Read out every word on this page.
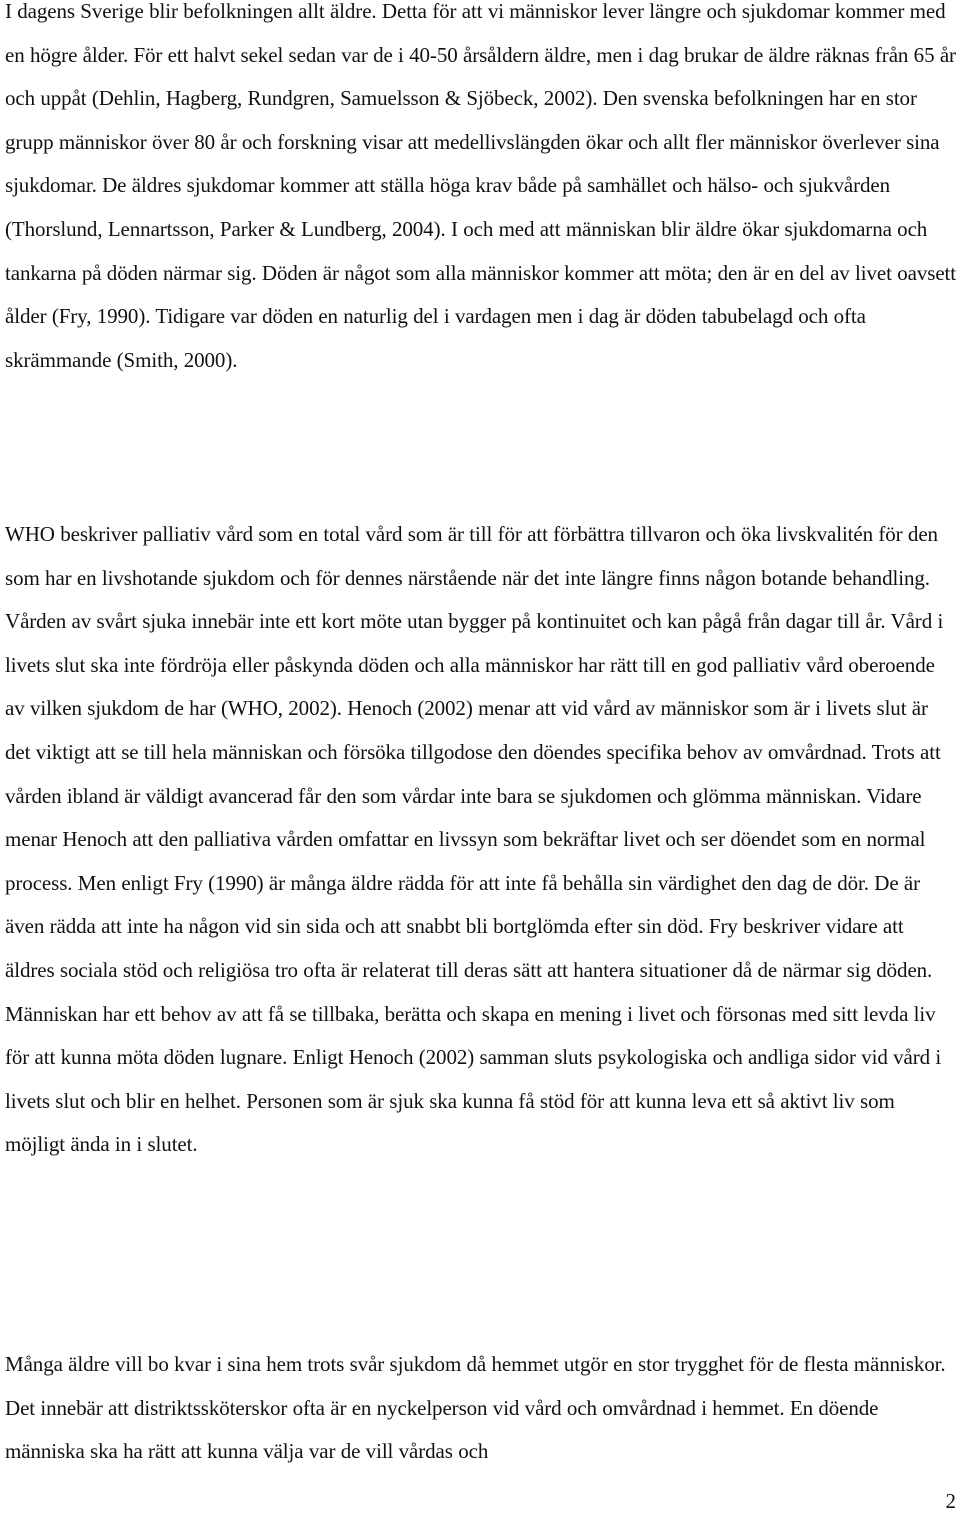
I dagens Sverige blir befolkningen allt äldre. Detta för att vi människor lever längre och sjukdomar kommer med en högre ålder. För ett halvt sekel sedan var de i 40-50 årsåldern äldre, men i dag brukar de äldre räknas från 65 år och uppåt (Dehlin, Hagberg, Rundgren, Samuelsson & Sjöbeck, 2002). Den svenska befolkningen har en stor grupp människor över 80 år och forskning visar att medellivslängden ökar och allt fler människor överlever sina sjukdomar. De äldres sjukdomar kommer att ställa höga krav både på samhället och hälso- och sjukvården (Thorslund, Lennartsson, Parker & Lundberg, 2004). I och med att människan blir äldre ökar sjukdomarna och tankarna på döden närmar sig. Döden är något som alla människor kommer att möta; den är en del av livet oavsett ålder (Fry, 1990). Tidigare var döden en naturlig del i vardagen men i dag är döden tabubelagd och ofta skrämmande (Smith, 2000).

WHO beskriver palliativ vård som en total vård som är till för att förbättra tillvaron och öka livskvalitén för den som har en livshotande sjukdom och för dennes närstående när det inte längre finns någon botande behandling. Vården av svårt sjuka innebär inte ett kort möte utan bygger på kontinuitet och kan pågå från dagar till år. Vård i livets slut ska inte fördröja eller påskynda döden och alla människor har rätt till en god palliativ vård oberoende av vilken sjukdom de har (WHO, 2002). Henoch (2002) menar att vid vård av människor som är i livets slut är det viktigt att se till hela människan och försöka tillgodose den döendes specifika behov av omvårdnad. Trots att vården ibland är väldigt avancerad får den som vårdar inte bara se sjukdomen och glömma människan. Vidare menar Henoch att den palliativa vården omfattar en livssyn som bekräftar livet och ser döendet som en normal process. Men enligt Fry (1990) är många äldre rädda för att inte få behålla sin värdighet den dag de dör. De är även rädda att inte ha någon vid sin sida och att snabbt bli bortglömda efter sin död. Fry beskriver vidare att äldres sociala stöd och religiösa tro ofta är relaterat till deras sätt att hantera situationer då de närmar sig döden. Människan har ett behov av att få se tillbaka, berätta och skapa en mening i livet och försonas med sitt levda liv för att kunna möta döden lugnare. Enligt Henoch (2002) samman sluts psykologiska och andliga sidor vid vård i livets slut och blir en helhet. Personen som är sjuk ska kunna få stöd för att kunna leva ett så aktivt liv som möjligt ända in i slutet.

Många äldre vill bo kvar i sina hem trots svår sjukdom då hemmet utgör en stor trygghet för de flesta människor. Det innebär att distriktssköterskor ofta är en nyckelperson vid vård och omvårdnad i hemmet. En döende människa ska ha rätt att kunna välja var de vill vårdas och

2
